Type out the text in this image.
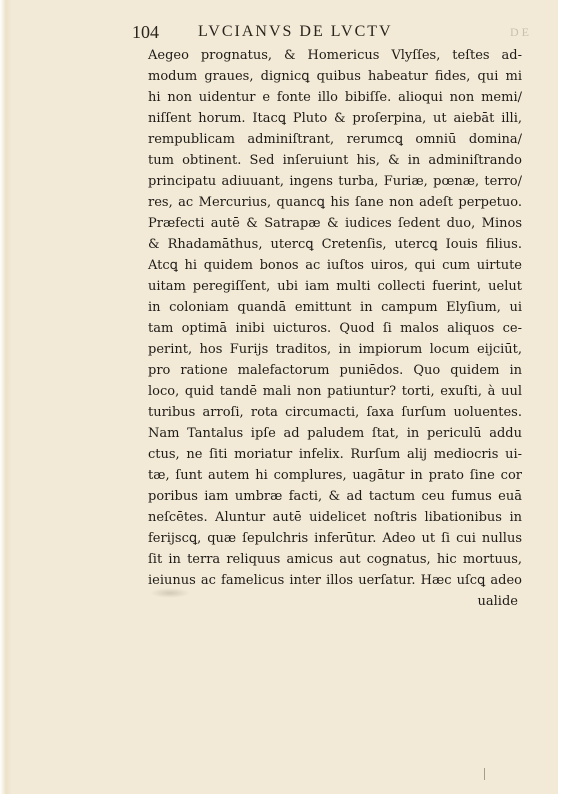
104 LVCIANVS DE LVCTV	DE
Aegeo prognatus, & Homericus Vlyſſes, teſtes ad-
modum graues, dignicꝗ quibus habeatur fides, qui mi
hi non uidentur e fonte illo bibiſſe. alioqui non memi/
niſſent horum. Itacꝗ Pluto & proſerpina, ut aiebāt illi,
rempublicam adminiſtrant, rerumcꝗ omniū domina/
tum obtinent. Sed inſeruiunt his, & in adminiſtrando
principatu adiuuant, ingens turba, Furiæ, pœnæ, terro/
res, ac Mercurius, quancꝗ his ſane non adeſt perpetuo.
Præfecti autē & Satrapæ & iudices ſedent duo, Minos
& Rhadamāthus, utercꝗ Cretenſis, utercꝗ Iouis filius.
Atcꝗ hi quidem bonos ac iuſtos uiros, qui cum uirtute
uitam peregiſſent, ubi iam multi collecti fuerint, uelut
in coloniam quandā emittunt in campum Elyſium, ui
tam optimā inibi uicturos. Quod ſi malos aliquos ce-
perint, hos Furijs traditos, in impiorum locum eijciūt,
pro ratione malefactorum puniēdos. Quo quidem in
loco, quid tandē mali non patiuntur? torti, exuſti, à uul
turibus arroſi, rota circumacti, ſaxa ſurſum uoluentes.
Nam Tantalus ipſe ad paludem ſtat, in periculū addu
ctus, ne ſiti moriatur infelix. Rurſum alij mediocris ui-
tæ, ſunt autem hi complures, uagātur in prato ſine cor
poribus iam umbræ facti, & ad tactum ceu fumus euā
neſcētes. Aluntur autē uidelicet noſtris libationibus in
ferijscꝗ, quæ ſepulchris inferūtur. Adeo ut ſi cui nullus
ſit in terra reliquus amicus aut cognatus, hic mortuus,
ieiunus ac famelicus inter illos uerſatur. Hæc uſcꝗ adeo
ualide
